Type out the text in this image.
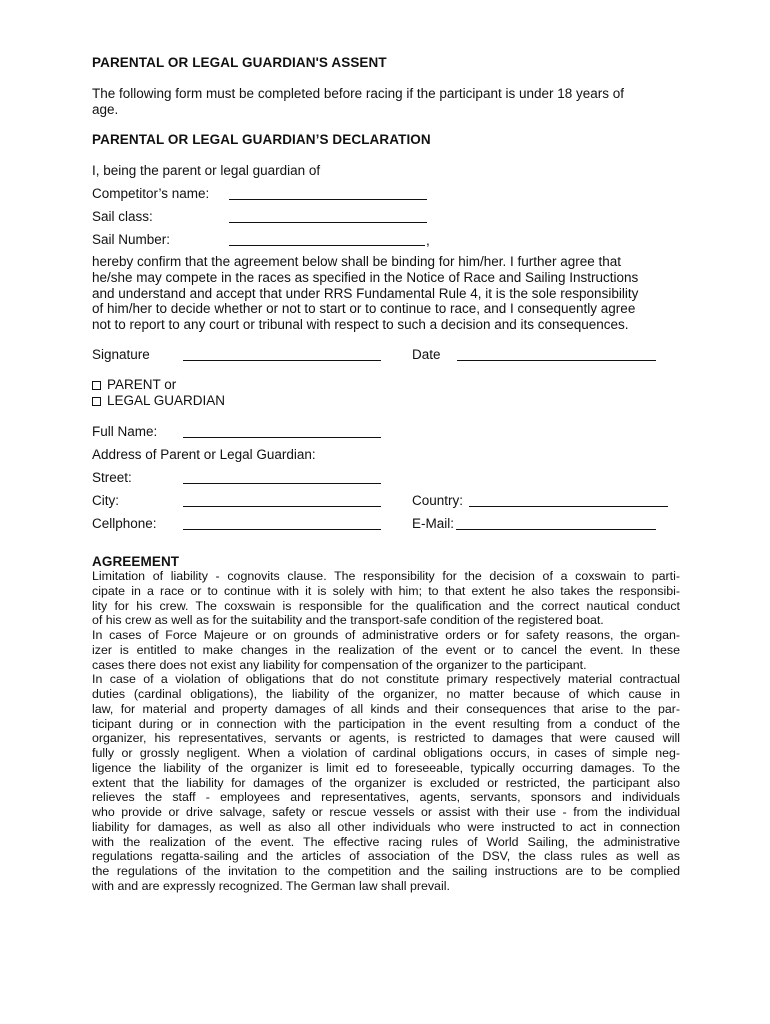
PARENTAL OR LEGAL GUARDIAN'S ASSENT
The following form must be completed before racing if the participant is under 18 years of
age.
PARENTAL OR LEGAL GUARDIAN’S DECLARATION
I, being the parent or legal guardian of
Competitor’s name:
Sail class:
Sail Number:	,
hereby confirm that the agreement below shall be binding for him/her. I further agree that
he/she may compete in the races as specified in the Notice of Race and Sailing Instructions
and understand and accept that under RRS Fundamental Rule 4, it is the sole responsibility
of him/her to decide whether or not to start or to continue to race, and I consequently agree
not to report to any court or tribunal with respect to such a decision and its consequences.
Signature	Date
PARENT or
LEGAL GUARDIAN
Full Name:
Address of Parent or Legal Guardian:
Street:
City:	Country:
Cellphone:	E-Mail:
AGREEMENT
Limitation of liability - cognovits clause. The responsibility for the decision of a coxswain to parti-
cipate in a race or to continue with it is solely with him; to that extent he also takes the responsibi-
lity for his crew. The coxswain is responsible for the qualification and the correct nautical conduct
of his crew as well as for the suitability and the transport-safe condition of the registered boat.
In cases of Force Majeure or on grounds of administrative orders or for safety reasons, the organ-
izer is entitled to make changes in the realization of the event or to cancel the event. In these
cases there does not exist any liability for compensation of the organizer to the participant.
In case of a violation of obligations that do not constitute primary respectively material contractual
duties (cardinal obligations), the liability of the organizer, no matter because of which cause in
law, for material and property damages of all kinds and their consequences that arise to the par-
ticipant during or in connection with the participation in the event resulting from a conduct of the
organizer, his representatives, servants or agents, is restricted to damages that were caused will
fully or grossly negligent. When a violation of cardinal obligations occurs, in cases of simple neg-
ligence the liability of the organizer is limit ed to foreseeable, typically occurring damages. To the
extent that the liability for damages of the organizer is excluded or restricted, the participant also
relieves the staff - employees and representatives, agents, servants, sponsors and individuals
who provide or drive salvage, safety or rescue vessels or assist with their use - from the individual
liability for damages, as well as also all other individuals who were instructed to act in connection
with the realization of the event. The effective racing rules of World Sailing, the administrative
regulations regatta-sailing and the articles of association of the DSV, the class rules as well as
the regulations of the invitation to the competition and the sailing instructions are to be complied
with and are expressly recognized. The German law shall prevail.
